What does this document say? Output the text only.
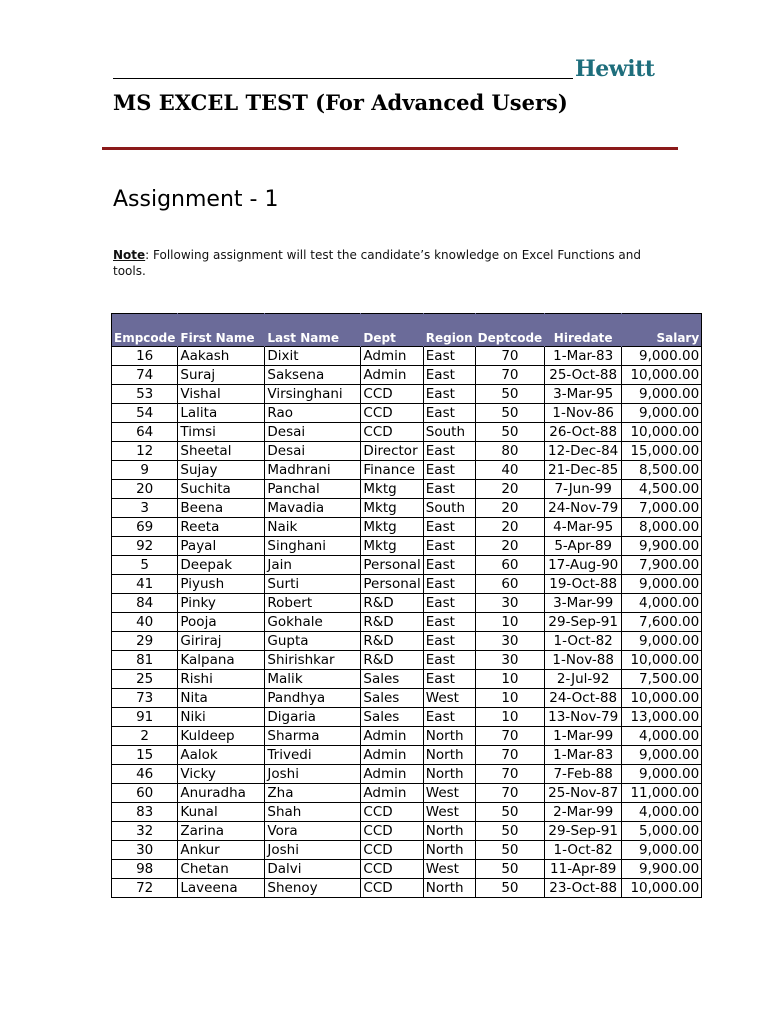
Hewitt
MS EXCEL TEST (For Advanced Users)
Assignment - 1
Note: Following assignment will test the candidate’s knowledge on Excel Functions and tools.
Empcode	First Name	Last Name	Dept	Region	Deptcode	Hiredate	Salary
16	Aakash	Dixit	Admin	East	70	1-Mar-83	9,000.00
74	Suraj	Saksena	Admin	East	70	25-Oct-88	10,000.00
53	Vishal	Virsinghani	CCD	East	50	3-Mar-95	9,000.00
54	Lalita	Rao	CCD	East	50	1-Nov-86	9,000.00
64	Timsi	Desai	CCD	South	50	26-Oct-88	10,000.00
12	Sheetal	Desai	Director	East	80	12-Dec-84	15,000.00
9	Sujay	Madhrani	Finance	East	40	21-Dec-85	8,500.00
20	Suchita	Panchal	Mktg	East	20	7-Jun-99	4,500.00
3	Beena	Mavadia	Mktg	South	20	24-Nov-79	7,000.00
69	Reeta	Naik	Mktg	East	20	4-Mar-95	8,000.00
92	Payal	Singhani	Mktg	East	20	5-Apr-89	9,900.00
5	Deepak	Jain	Personal	East	60	17-Aug-90	7,900.00
41	Piyush	Surti	Personal	East	60	19-Oct-88	9,000.00
84	Pinky	Robert	R&D	East	30	3-Mar-99	4,000.00
40	Pooja	Gokhale	R&D	East	10	29-Sep-91	7,600.00
29	Giriraj	Gupta	R&D	East	30	1-Oct-82	9,000.00
81	Kalpana	Shirishkar	R&D	East	30	1-Nov-88	10,000.00
25	Rishi	Malik	Sales	East	10	2-Jul-92	7,500.00
73	Nita	Pandhya	Sales	West	10	24-Oct-88	10,000.00
91	Niki	Digaria	Sales	East	10	13-Nov-79	13,000.00
2	Kuldeep	Sharma	Admin	North	70	1-Mar-99	4,000.00
15	Aalok	Trivedi	Admin	North	70	1-Mar-83	9,000.00
46	Vicky	Joshi	Admin	North	70	7-Feb-88	9,000.00
60	Anuradha	Zha	Admin	West	70	25-Nov-87	11,000.00
83	Kunal	Shah	CCD	West	50	2-Mar-99	4,000.00
32	Zarina	Vora	CCD	North	50	29-Sep-91	5,000.00
30	Ankur	Joshi	CCD	North	50	1-Oct-82	9,000.00
98	Chetan	Dalvi	CCD	West	50	11-Apr-89	9,900.00
72	Laveena	Shenoy	CCD	North	50	23-Oct-88	10,000.00
